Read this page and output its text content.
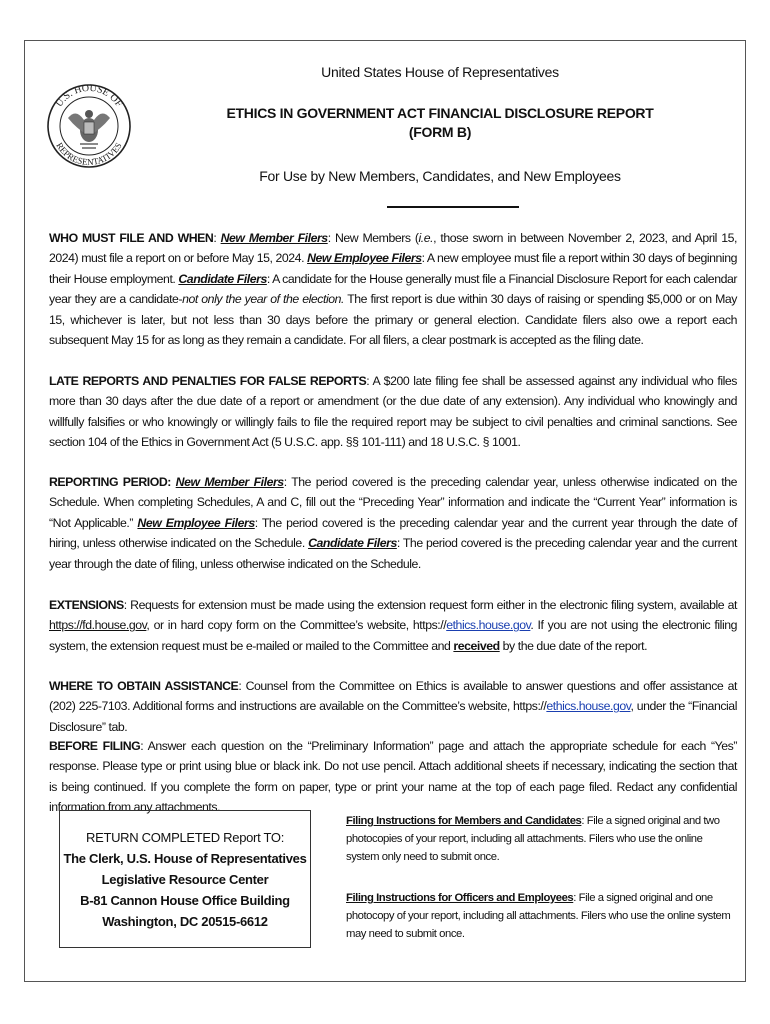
U.S. HOUSE OF
REPRESENTATIVES
United States House of Representatives
ETHICS IN GOVERNMENT ACT FINANCIAL DISCLOSURE REPORT
(FORM B)
For Use by New Members, Candidates, and New Employees
WHO MUST FILE AND WHEN: New Member Filers: New Members (i.e., those sworn in between November 2, 2023, and April 15, 2024) must file a report on or before May 15, 2024. New Employee Filers: A new employee must file a report within 30 days of beginning their House employment. Candidate Filers: A candidate for the House generally must file a Financial Disclosure Report for each calendar year they are a candidate-not only the year of the election. The first report is due within 30 days of raising or spending $5,000 or on May 15, whichever is later, but not less than 30 days before the primary or general election. Candidate filers also owe a report each subsequent May 15 for as long as they remain a candidate. For all filers, a clear postmark is accepted as the filing date.
LATE REPORTS AND PENALTIES FOR FALSE REPORTS: A $200 late filing fee shall be assessed against any individual who files more than 30 days after the due date of a report or amendment (or the due date of any extension). Any individual who knowingly and willfully falsifies or who knowingly or willingly fails to file the required report may be subject to civil penalties and criminal sanctions. See section 104 of the Ethics in Government Act (5 U.S.C. app. §§ 101-111) and 18 U.S.C. § 1001.
REPORTING PERIOD: New Member Filers: The period covered is the preceding calendar year, unless otherwise indicated on the Schedule. When completing Schedules, A and C, fill out the “Preceding Year” information and indicate the “Current Year” information is “Not Applicable.” New Employee Filers: The period covered is the preceding calendar year and the current year through the date of hiring, unless otherwise indicated on the Schedule. Candidate Filers: The period covered is the preceding calendar year and the current year through the date of filing, unless otherwise indicated on the Schedule.
EXTENSIONS: Requests for extension must be made using the extension request form either in the electronic filing system, available at https://fd.house.gov, or in hard copy form on the Committee’s website, https://ethics.house.gov. If you are not using the electronic filing system, the extension request must be e-mailed or mailed to the Committee and received by the due date of the report.
WHERE TO OBTAIN ASSISTANCE: Counsel from the Committee on Ethics is available to answer questions and offer assistance at (202) 225-7103. Additional forms and instructions are available on the Committee’s website, https://ethics.house.gov, under the “Financial Disclosure” tab.
BEFORE FILING: Answer each question on the “Preliminary Information” page and attach the appropriate schedule for each “Yes” response. Please type or print using blue or black ink. Do not use pencil. Attach additional sheets if necessary, indicating the section that is being continued. If you complete the form on paper, type or print your name at the top of each page filed. Redact any confidential information from any attachments.
RETURN COMPLETED Report TO:
The Clerk, U.S. House of Representatives
Legislative Resource Center
B-81 Cannon House Office Building
Washington, DC 20515-6612
Filing Instructions for Members and Candidates: File a signed original and two photocopies of your report, including all attachments. Filers who use the online system only need to submit once.
Filing Instructions for Officers and Employees: File a signed original and one photocopy of your report, including all attachments. Filers who use the online system may need to submit once.
